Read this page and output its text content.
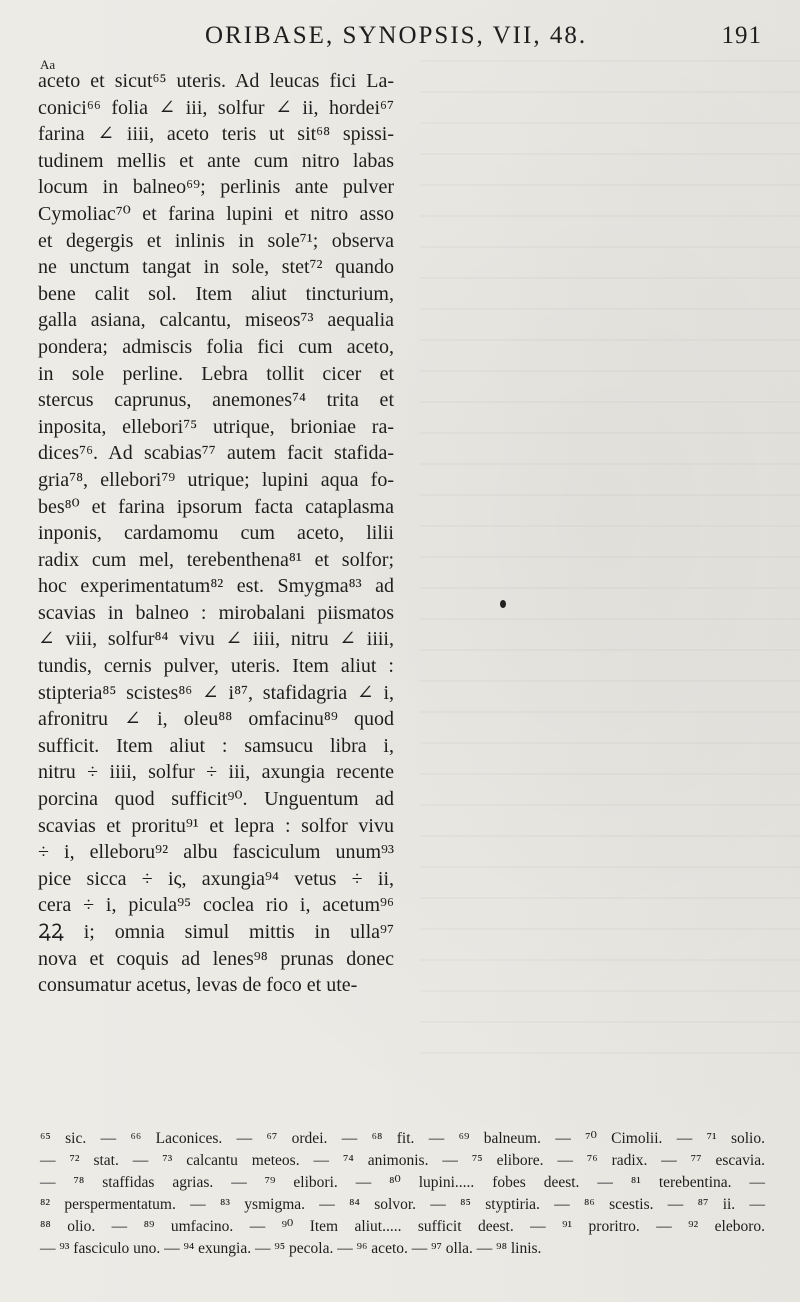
ORIBASE, SYNOPSIS, VII, 48.	191
Aa
aceto et sicut⁶⁵ uteris. Ad leucas fici La-
conici⁶⁶ folia ∠ iii, solfur ∠ ii, hordei⁶⁷
farina ∠ iiii, aceto teris ut sit⁶⁸ spissi-
tudinem mellis et ante cum nitro labas
locum in balneo⁶⁹; perlinis ante pulver
Cymoliac⁷⁰ et farina lupini et nitro asso
et degergis et inlinis in sole⁷¹; observa
ne unctum tangat in sole, stet⁷² quando
bene calit sol. Item aliut tincturium,
galla asiana, calcantu, miseos⁷³ aequalia
pondera; admiscis folia fici cum aceto,
in sole perline. Lebra tollit cicer et
stercus caprunus, anemones⁷⁴ trita et
inposita, ellebori⁷⁵ utrique, brioniae ra-
dices⁷⁶. Ad scabias⁷⁷ autem facit stafida-
gria⁷⁸, ellebori⁷⁹ utrique; lupini aqua fo-
bes⁸⁰ et farina ipsorum facta cataplasma
inponis, cardamomu cum aceto, lilii
radix cum mel, terebenthena⁸¹ et solfor;
hoc experimentatum⁸² est. Smygma⁸³ ad
scavias in balneo : mirobalani piismatos
∠ viii, solfur⁸⁴ vivu ∠ iiii, nitru ∠ iiii,
tundis, cernis pulver, uteris. Item aliut :
stipteria⁸⁵ scistes⁸⁶ ∠ i⁸⁷, stafidagria ∠ i,
afronitru ∠ i, oleu⁸⁸ omfacinu⁸⁹ quod
sufficit. Item aliut : samsucu libra i,
nitru ÷ iiii, solfur ÷ iii, axungia recente
porcina quod sufficit⁹⁰. Unguentum ad
scavias et proritu⁹¹ et lepra : solfor vivu
÷ i, elleboru⁹² albu fasciculum unum⁹³
pice sicca ÷ iς, axungia⁹⁴ vetus ÷ ii,
cera ÷ i, picula⁹⁵ coclea rio i, acetum⁹⁶
ꝜꝜ i; omnia simul mittis in ulla⁹⁷
nova et coquis ad lenes⁹⁸ prunas donec
consumatur acetus, levas de foco et ute-
⁶⁵ sic. — ⁶⁶ Laconices. — ⁶⁷ ordei. — ⁶⁸ fit. — ⁶⁹ balneum. — ⁷⁰ Cimolii. — ⁷¹ solio.
— ⁷² stat. — ⁷³ calcantu meteos. — ⁷⁴ animonis. — ⁷⁵ elibore. — ⁷⁶ radix. — ⁷⁷ escavia.
— ⁷⁸ staffidas agrias. — ⁷⁹ elibori. — ⁸⁰ lupini..... fobes deest. — ⁸¹ terebentina. —
⁸² perspermentatum. — ⁸³ ysmigma. — ⁸⁴ solvor. — ⁸⁵ styptiria. — ⁸⁶ scestis. — ⁸⁷ ii. —
⁸⁸ olio. — ⁸⁹ umfacino. — ⁹⁰ Item aliut..... sufficit deest. — ⁹¹ proritro. — ⁹² eleboro.
— ⁹³ fasciculo uno. — ⁹⁴ exungia. — ⁹⁵ pecola. — ⁹⁶ aceto. — ⁹⁷ olla. — ⁹⁸ linis.
